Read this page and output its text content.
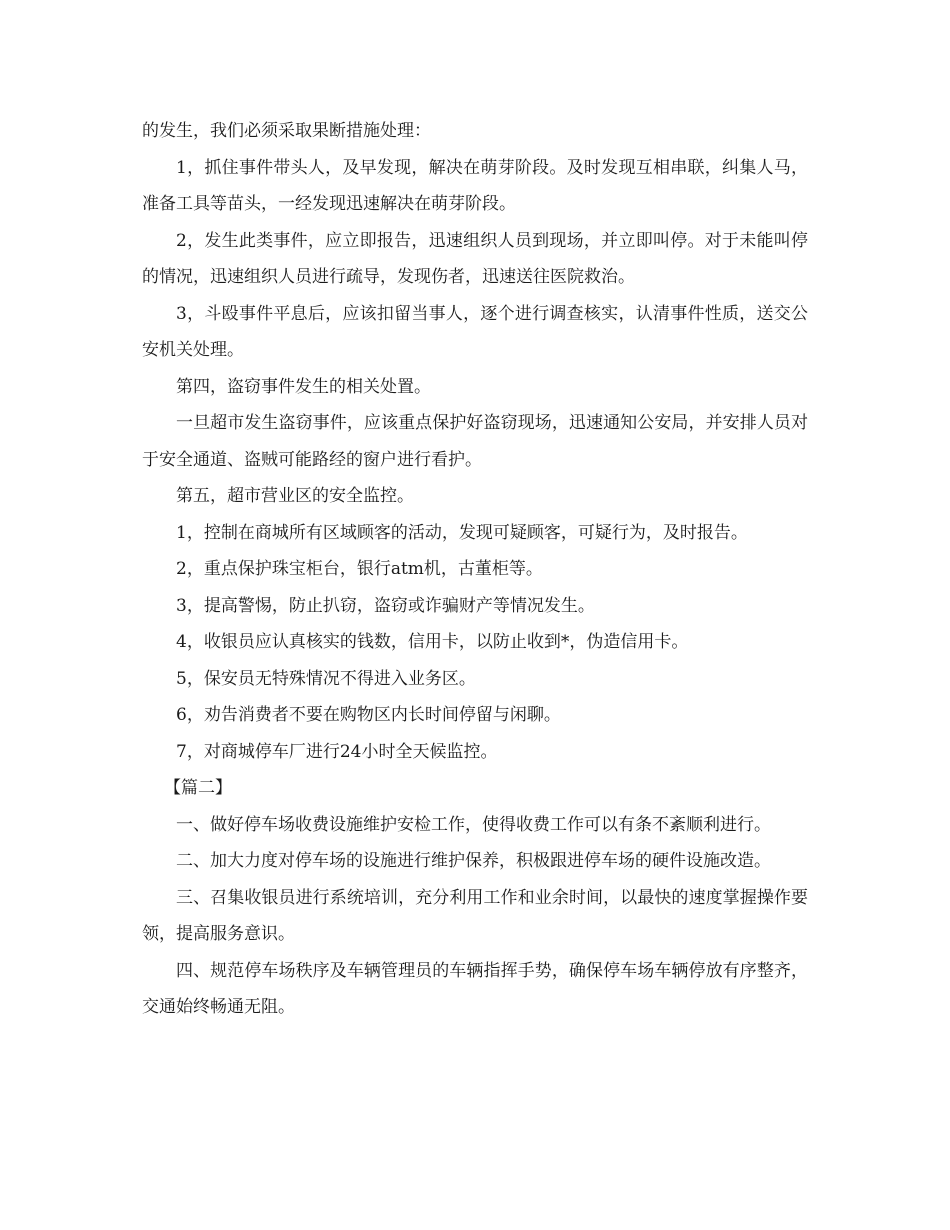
的发生，我们必须采取果断措施处理：

1，抓住事件带头人，及早发现，解决在萌芽阶段。及时发现互相串联，纠集人马，准备工具等苗头，一经发现迅速解决在萌芽阶段。

2，发生此类事件，应立即报告，迅速组织人员到现场，并立即叫停。对于未能叫停的情况，迅速组织人员进行疏导，发现伤者，迅速送往医院救治。

3，斗殴事件平息后，应该扣留当事人，逐个进行调查核实，认清事件性质，送交公安机关处理。

第四，盗窃事件发生的相关处置。

一旦超市发生盗窃事件，应该重点保护好盗窃现场，迅速通知公安局，并安排人员对于安全通道、盗贼可能路经的窗户进行看护。

第五，超市营业区的安全监控。

1，控制在商城所有区域顾客的活动，发现可疑顾客，可疑行为，及时报告。

2，重点保护珠宝柜台，银行atm机，古董柜等。

3，提高警惕，防止扒窃，盗窃或诈骗财产等情况发生。

4，收银员应认真核实的钱数，信用卡，以防止收到*，伪造信用卡。

5，保安员无特殊情况不得进入业务区。

6，劝告消费者不要在购物区内长时间停留与闲聊。

7，对商城停车厂进行24小时全天候监控。

【篇二】

一、做好停车场收费设施维护安检工作，使得收费工作可以有条不紊顺利进行。

二、加大力度对停车场的设施进行维护保养，积极跟进停车场的硬件设施改造。

三、召集收银员进行系统培训，充分利用工作和业余时间，以最快的速度掌握操作要领，提高服务意识。

四、规范停车场秩序及车辆管理员的车辆指挥手势，确保停车场车辆停放有序整齐，交通始终畅通无阻。
